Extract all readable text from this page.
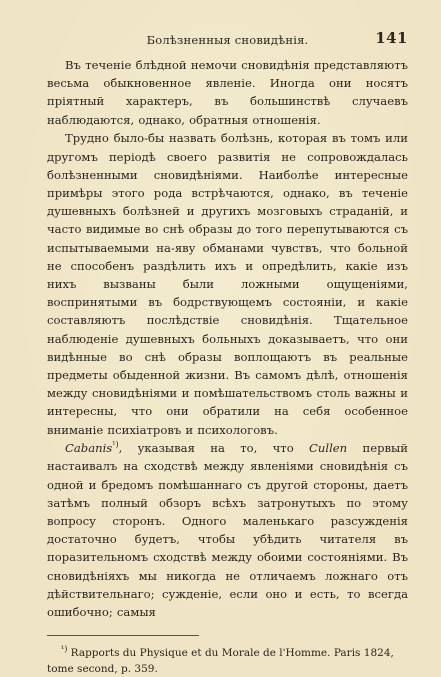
Болѣзненныя сновидѣнія.	141

Въ теченіе блѣдной немочи сновидѣнія представляютъ весьма обыкновенное явленіе. Иногда они носятъ пріятный характеръ, въ большинствѣ случаевъ наблюдаются, однако, обратныя отношенія.

Трудно было-бы назвать болѣзнь, которая въ томъ или другомъ періодѣ своего развитія не сопровождалась болѣзненными сновидѣніями. Наиболѣе интересные примѣры этого рода встрѣчаются, однако, въ теченіе душевныхъ болѣзней и другихъ мозговыхъ страданій, и часто видимые во снѣ образы до того перепутываются съ испытываемыми на-яву обманами чувствъ, что больной не способенъ раздѣлить ихъ и опредѣлить, какіе изъ нихъ вызваны были ложными ощущеніями, воспринятыми въ бодрствующемъ состояніи, и какіе составляютъ послѣдствіе сновидѣнія. Тщательное наблюденіе душевныхъ больныхъ доказываетъ, что они видѣнные во снѣ образы воплощаютъ въ реальные предметы обыденной жизни. Въ самомъ дѣлѣ, отношенія между сновидѣніями и помѣшательствомъ столь важны и интересны, что они обратили на себя особенное вниманіе психіатровъ и психологовъ.

Cabanis$^{^1)}$, указывая на то, что Cullen первый настаивалъ на сходствѣ между явленіями сновидѣнія съ одной и бредомъ помѣшаннаго съ другой стороны, даетъ затѣмъ полный обзоръ всѣхъ затронутыхъ по этому вопросу сторонъ. Одного маленькаго разсужденія достаточно будетъ, чтобы убѣдить читателя въ поразительномъ сходствѣ между обоими состояніями. Въ сновидѣніяхъ мы никогда не отличаемъ ложнаго отъ дѣйствительнаго; сужденіе, если оно и есть, то всегда ошибочно; самыя

$^{^1)}$ Rapports du Physique et du Morale de l'Homme. Paris 1824, tome second, p. 359.
